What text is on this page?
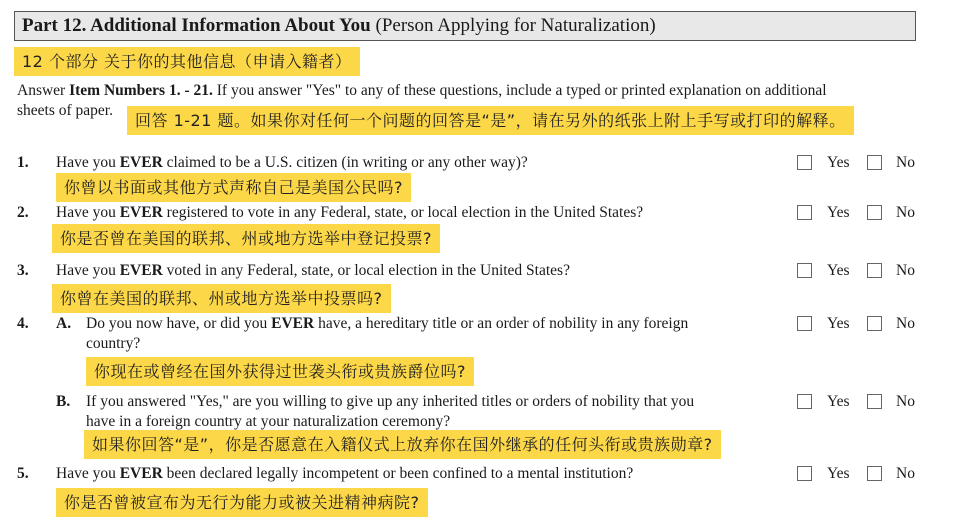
Part 12. Additional Information About You (Person Applying for Naturalization)
12 个部分 关于你的其他信息（申请入籍者）
Answer Item Numbers 1. - 21. If you answer "Yes" to any of these questions, include a typed or printed explanation on additional
sheets of paper.
回答 1-21 题。如果你对任何一个问题的回答是“是”，请在另外的纸张上附上手写或打印的解释。
1. Have you EVER claimed to be a U.S. citizen (in writing or any other way)?
你曾以书面或其他方式声称自己是美国公民吗?
Yes	No
2. Have you EVER registered to vote in any Federal, state, or local election in the United States?
你是否曾在美国的联邦、州或地方选举中登记投票?
Yes	No
3. Have you EVER voted in any Federal, state, or local election in the United States?
你曾在美国的联邦、州或地方选举中投票吗?
Yes	No
4. A. Do you now have, or did you EVER have, a hereditary title or an order of nobility in any foreign
country?
你现在或曾经在国外获得过世袭头衔或贵族爵位吗?
Yes	No
B. If you answered "Yes," are you willing to give up any inherited titles or orders of nobility that you
have in a foreign country at your naturalization ceremony?
如果你回答“是”，你是否愿意在入籍仪式上放弃你在国外继承的任何头衔或贵族勋章?
Yes	No
5. Have you EVER been declared legally incompetent or been confined to a mental institution?
你是否曾被宣布为无行为能力或被关进精神病院?
Yes	No
